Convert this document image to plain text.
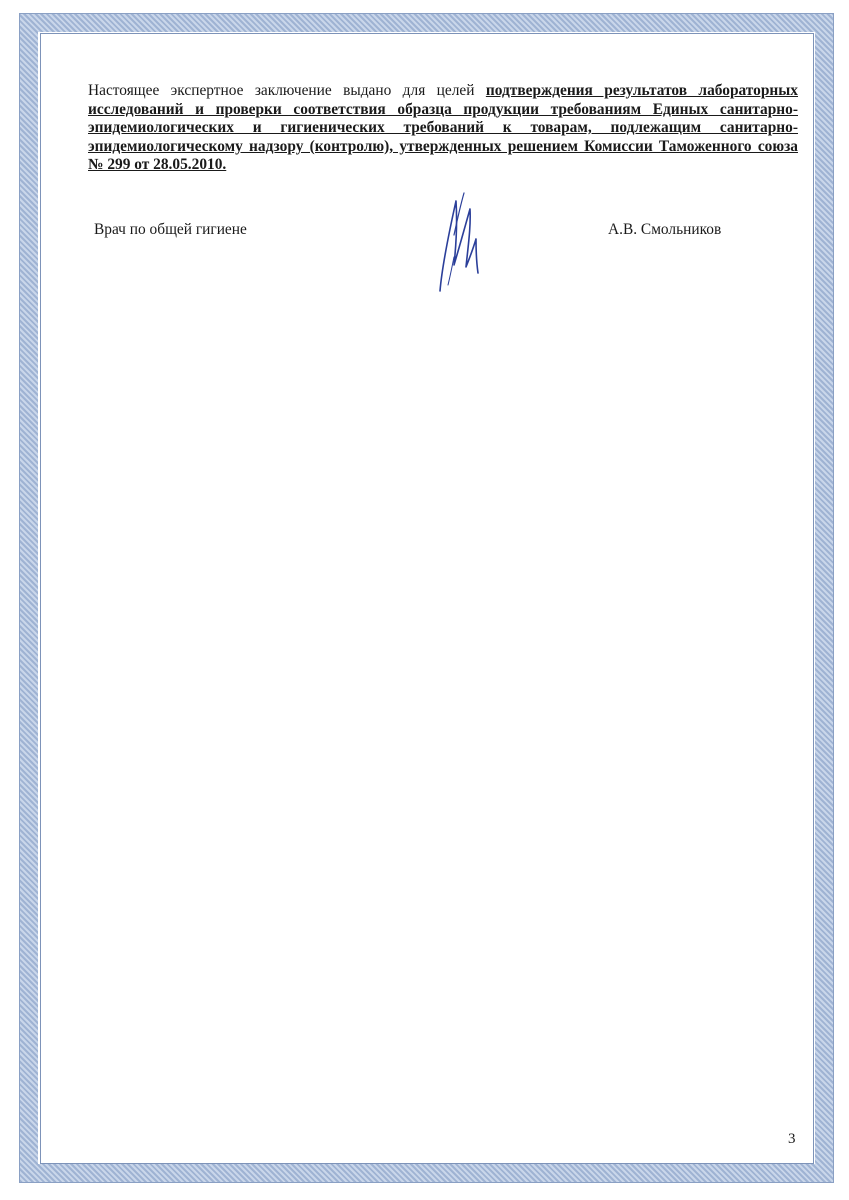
Настоящее экспертное заключение выдано для целей подтверждения результатов лабораторных исследований и проверки соответствия образца продукции требованиям Единых санитарно-эпидемиологических и гигиенических требований к товарам, подлежащим санитарно-эпидемиологическому надзору (контролю), утвержденных решением Комиссии Таможенного союза № 299 от 28.05.2010.

Врач по общей гигиене	А.В. Смольников
3
